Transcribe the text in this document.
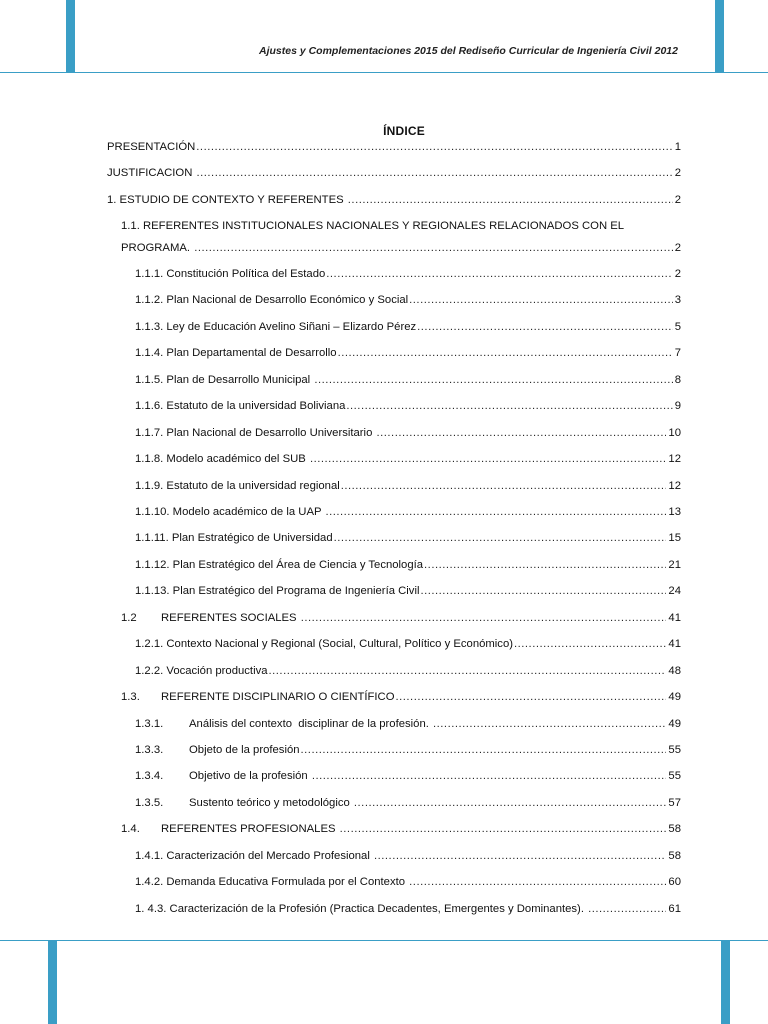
Ajustes y Complementaciones 2015 del Rediseño Curricular de Ingeniería Civil 2012
ÍNDICE
PRESENTACIÓN .....	1
JUSTIFICACION .....	2
1. ESTUDIO DE CONTEXTO Y REFERENTES .....	2
1.1. REFERENTES INSTITUCIONALES NACIONALES Y REGIONALES RELACIONADOS CON EL
PROGRAMA. .....	2
1.1.1. Constitución Política del Estado .....	2
1.1.2. Plan Nacional de Desarrollo Económico y Social .....	3
1.1.3. Ley de Educación Avelino Siñani – Elizardo Pérez .....	5
1.1.4. Plan Departamental de Desarrollo .....	7
1.1.5. Plan de Desarrollo Municipal .....	8
1.1.6. Estatuto de la universidad Boliviana .....	9
1.1.7. Plan Nacional de Desarrollo Universitario .....	10
1.1.8. Modelo académico del SUB .....	12
1.1.9. Estatuto de la universidad regional .....	12
1.1.10. Modelo académico de la UAP .....	13
1.1.11. Plan Estratégico de Universidad .....	15
1.1.12. Plan Estratégico del Área de Ciencia y Tecnología .....	21
1.1.13. Plan Estratégico del Programa de Ingeniería Civil .....	24
1.2 REFERENTES SOCIALES .....	41
1.2.1. Contexto Nacional y Regional (Social, Cultural, Político y Económico) .....	41
1.2.2. Vocación productiva .....	48
1.3. REFERENTE DISCIPLINARIO O CIENTÍFICO .....	49
1.3.1. Análisis del contexto  disciplinar de la profesión. .....	49
1.3.3. Objeto de la profesión .....	55
1.3.4. Objetivo de la profesión .....	55
1.3.5. Sustento teórico y metodológico .....	57
1.4. REFERENTES PROFESIONALES .....	58
1.4.1. Caracterización del Mercado Profesional .....	58
1.4.2. Demanda Educativa Formulada por el Contexto .....	60
1. 4.3. Caracterización de la Profesión (Practica Decadentes, Emergentes y Dominantes). .....	61
